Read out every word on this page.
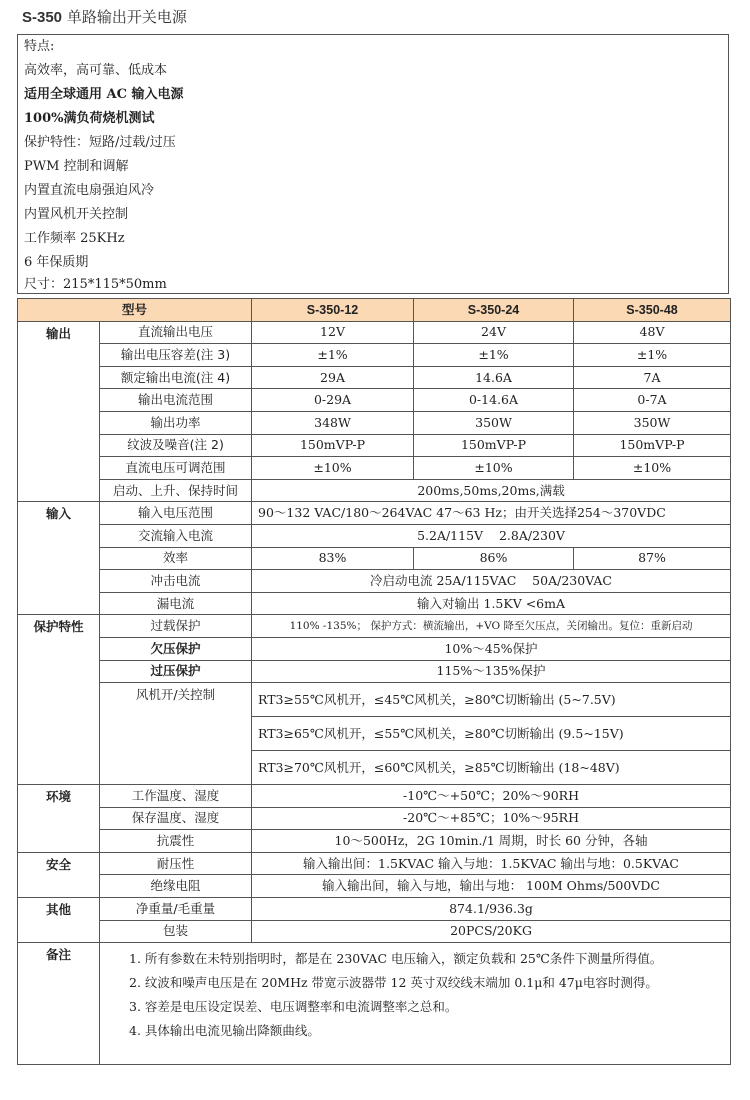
S-350 单路输出开关电源
特点:
高效率，高可靠、低成本
适用全球通用 AC 输入电源
100%满负荷烧机测试
保护特性：短路/过载/过压
PWM 控制和调解
内置直流电扇强迫风冷
内置风机开关控制
工作频率 25KHz
6 年保质期
尺寸：215*115*50mm
型号		S-350-12	S-350-24	S-350-48
输出	直流输出电压	12V	24V	48V
	输出电压容差(注 3)	±1%	±1%	±1%
	额定输出电流(注 4)	29A	14.6A	7A
	输出电流范围	0-29A	0-14.6A	0-7A
	输出功率	348W	350W	350W
	纹波及噪音(注 2)	150mVP-P	150mVP-P	150mVP-P
	直流电压可调范围	±10%	±10%	±10%
	启动、上升、保持时间	200ms,50ms,20ms,满载		
输入	输入电压范围	90～132 VAC/180～264VAC 47～63 Hz；由开关选择254～370VDC		
	交流输入电流	5.2A/115V    2.8A/230V		
	效率	83%	86%	87%
	冲击电流	冷启动电流 25A/115VAC    50A/230VAC		
	漏电流	输入对输出 1.5KV <6mA		
保护特性	过载保护	110% -135%； 保护方式：横流输出，+VO 降至欠压点，关闭输出。复位：重新启动		
	欠压保护	10%～45%保护		
	过压保护	115%～135%保护		
	风机开/关控制	RT3≥55℃风机开，≤45℃风机关，≥80℃切断输出 (5~7.5V)		
		RT3≥65℃风机开，≤55℃风机关，≥80℃切断输出 (9.5~15V)		
		RT3≥70℃风机开，≤60℃风机关，≥85℃切断输出 (18~48V)		
环境	工作温度、湿度	-10℃～+50℃；20%～90RH		
	保存温度、湿度	-20℃～+85℃；10%～95RH		
	抗震性	10～500Hz，2G 10min./1 周期，时长 60 分钟，各轴		
安全	耐压性	输入输出间：1.5KVAC 输入与地：1.5KVAC 输出与地：0.5KVAC		
	绝缘电阻	输入输出间，输入与地，输出与地： 100M Ohms/500VDC		
其他	净重量/毛重量	874.1/936.3g		
	包装	20PCS/20KG		
备注	1. 所有参数在未特别指明时，都是在 230VAC 电压输入，额定负载和 25℃条件下测量所得值。
2. 纹波和噪声电压是在 20MHz 带宽示波器带 12 英寸双绞线末端加 0.1μ和 47μ电容时测得。
3. 容差是电压设定误差、电压调整率和电流调整率之总和。
4. 具体输出电流见输出降额曲线。			
